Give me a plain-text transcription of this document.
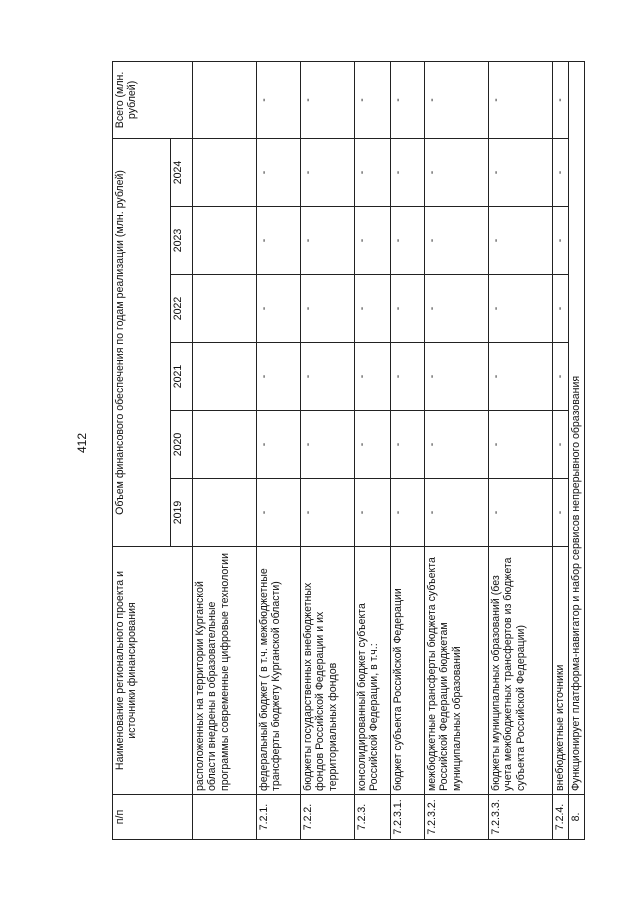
412
п/п	Наименование регионального проекта и источники финансирования	Объем финансового обеспечения по годам реализации (млн. рублей)						Всего (млн. рублей)
		2019	2020	2021	2022	2023	2024	
	расположенных на территории Курганской области внедрены в образовательные программы современные цифровые технологии							
7.2.1.	федеральный бюджет ( в т.ч. межбюджетные трансферты бюджету Курганской области)	-	-	-	-	-	-	-
7.2.2.	бюджеты государственных внебюджетных фондов Российской Федерации и их территориальных фондов	-	-	-	-	-	-	-
7.2.3.	консолидированный бюджет субъекта Российской Федерации, в т.ч.:	-	-	-	-	-	-	-
7.2.3.1.	бюджет субъекта Российской Федерации	-	-	-	-	-	-	-
7.2.3.2.	межбюджетные трансферты бюджета субъекта Российской Федерации бюджетам муниципальных образований	-	-	-	-	-	-	-
7.2.3.3.	бюджеты муниципальных образований (без учета межбюджетных трансфертов из бюджета субъекта Российской Федерации)	-	-	-	-	-	-	-
7.2.4.	внебюджетные источники	-	-	-	-	-	-	-
8.	Функционирует платформа-навигатор и набор сервисов непрерывного образования							
